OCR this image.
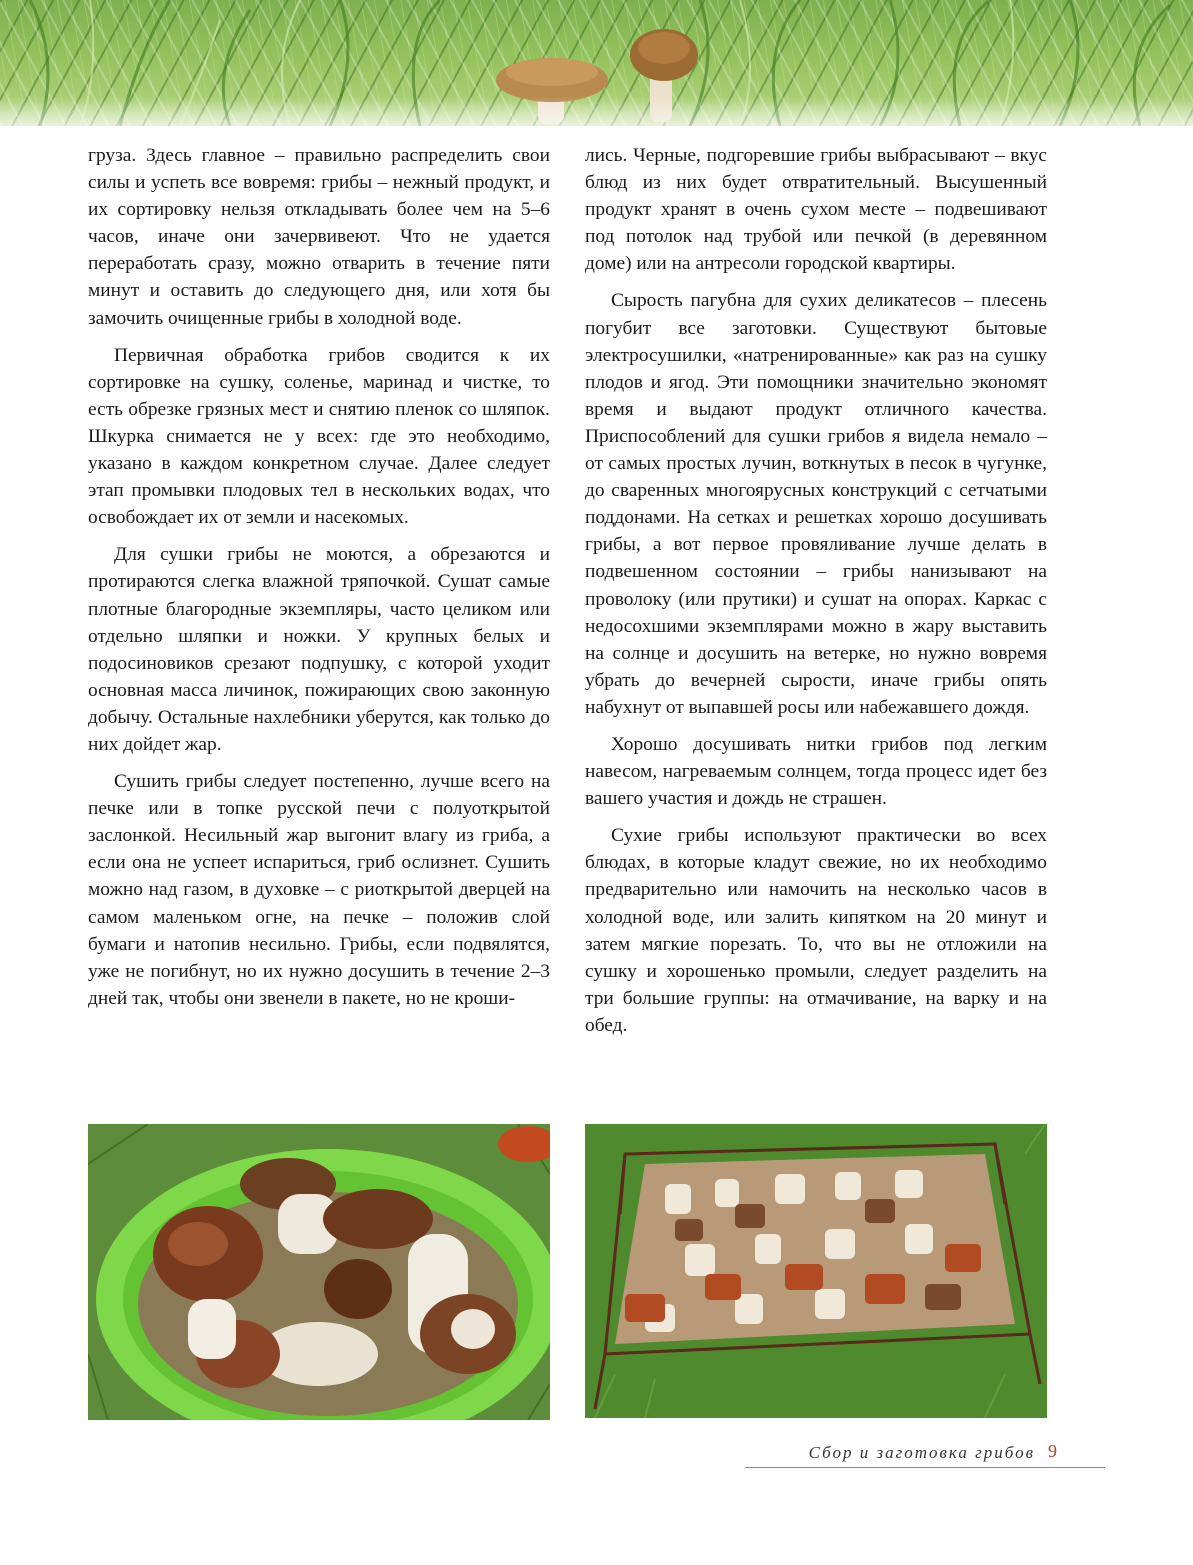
груза. Здесь главное – правильно распределить свои силы и успеть все вовремя: грибы – нежный продукт, и их сортировку нельзя откладывать более чем на 5–6 часов, иначе они зачервивеют. Что не удается переработать сразу, можно отварить в течение пяти минут и оставить до следующего дня, или хотя бы замочить очищенные грибы в холодной воде.

Первичная обработка грибов сводится к их сортировке на сушку, соленье, маринад и чистке, то есть обрезке грязных мест и снятию пленок со шляпок. Шкурка снимается не у всех: где это необходимо, указано в каждом конкретном случае. Далее следует этап промывки плодовых тел в нескольких водах, что освобождает их от земли и насекомых.

Для сушки грибы не моются, а обрезаются и протираются слегка влажной тряпочкой. Сушат самые плотные благородные экземпляры, часто целиком или отдельно шляпки и ножки. У крупных белых и подосиновиков срезают подпушку, с которой уходит основная масса личинок, пожирающих свою законную добычу. Остальные нахлебники уберутся, как только до них дойдет жар.

Сушить грибы следует постепенно, лучше всего на печке или в топке русской печи с полуоткрытой заслонкой. Несильный жар выгонит влагу из гриба, а если она не успеет испариться, гриб ослизнет. Сушить можно над газом, в духовке – с риоткрытой дверцей на самом маленьком огне, на печке – положив слой бумаги и натопив несильно. Грибы, если подвялятся, уже не погибнут, но их нужно досушить в течение 2–3 дней так, чтобы они звенели в пакете, но не кроши-

лись. Черные, подгоревшие грибы выбрасывают – вкус блюд из них будет отвратительный. Высушенный продукт хранят в очень сухом месте – подвешивают под потолок над трубой или печкой (в деревянном доме) или на антресоли городской квартиры.

Сырость пагубна для сухих деликатесов – плесень погубит все заготовки. Существуют бытовые электросушилки, «натренированные» как раз на сушку плодов и ягод. Эти помощники значительно экономят время и выдают продукт отличного качества. Приспособлений для сушки грибов я видела немало – от самых простых лучин, воткнутых в песок в чугунке, до сваренных многоярусных конструкций с сетчатыми поддонами. На сетках и решетках хорошо досушивать грибы, а вот первое провяливание лучше делать в подвешенном состоянии – грибы нанизывают на проволоку (или прутики) и сушат на опорах. Каркас с недосохшими экземплярами можно в жару выставить на солнце и досушить на ветерке, но нужно вовремя убрать до вечерней сырости, иначе грибы опять набухнут от выпавшей росы или набежавшего дождя.

Хорошо досушивать нитки грибов под легким навесом, нагреваемым солнцем, тогда процесс идет без вашего участия и дождь не страшен.

Сухие грибы используют практически во всех блюдах, в которые кладут свежие, но их необходимо предварительно или намочить на несколько часов в холодной воде, или залить кипятком на 20 минут и затем мягкие порезать. То, что вы не отложили на сушку и хорошенько промыли, следует разделить на три большие группы: на отмачивание, на варку и на обед.

Сбор и заготовка грибов 9
